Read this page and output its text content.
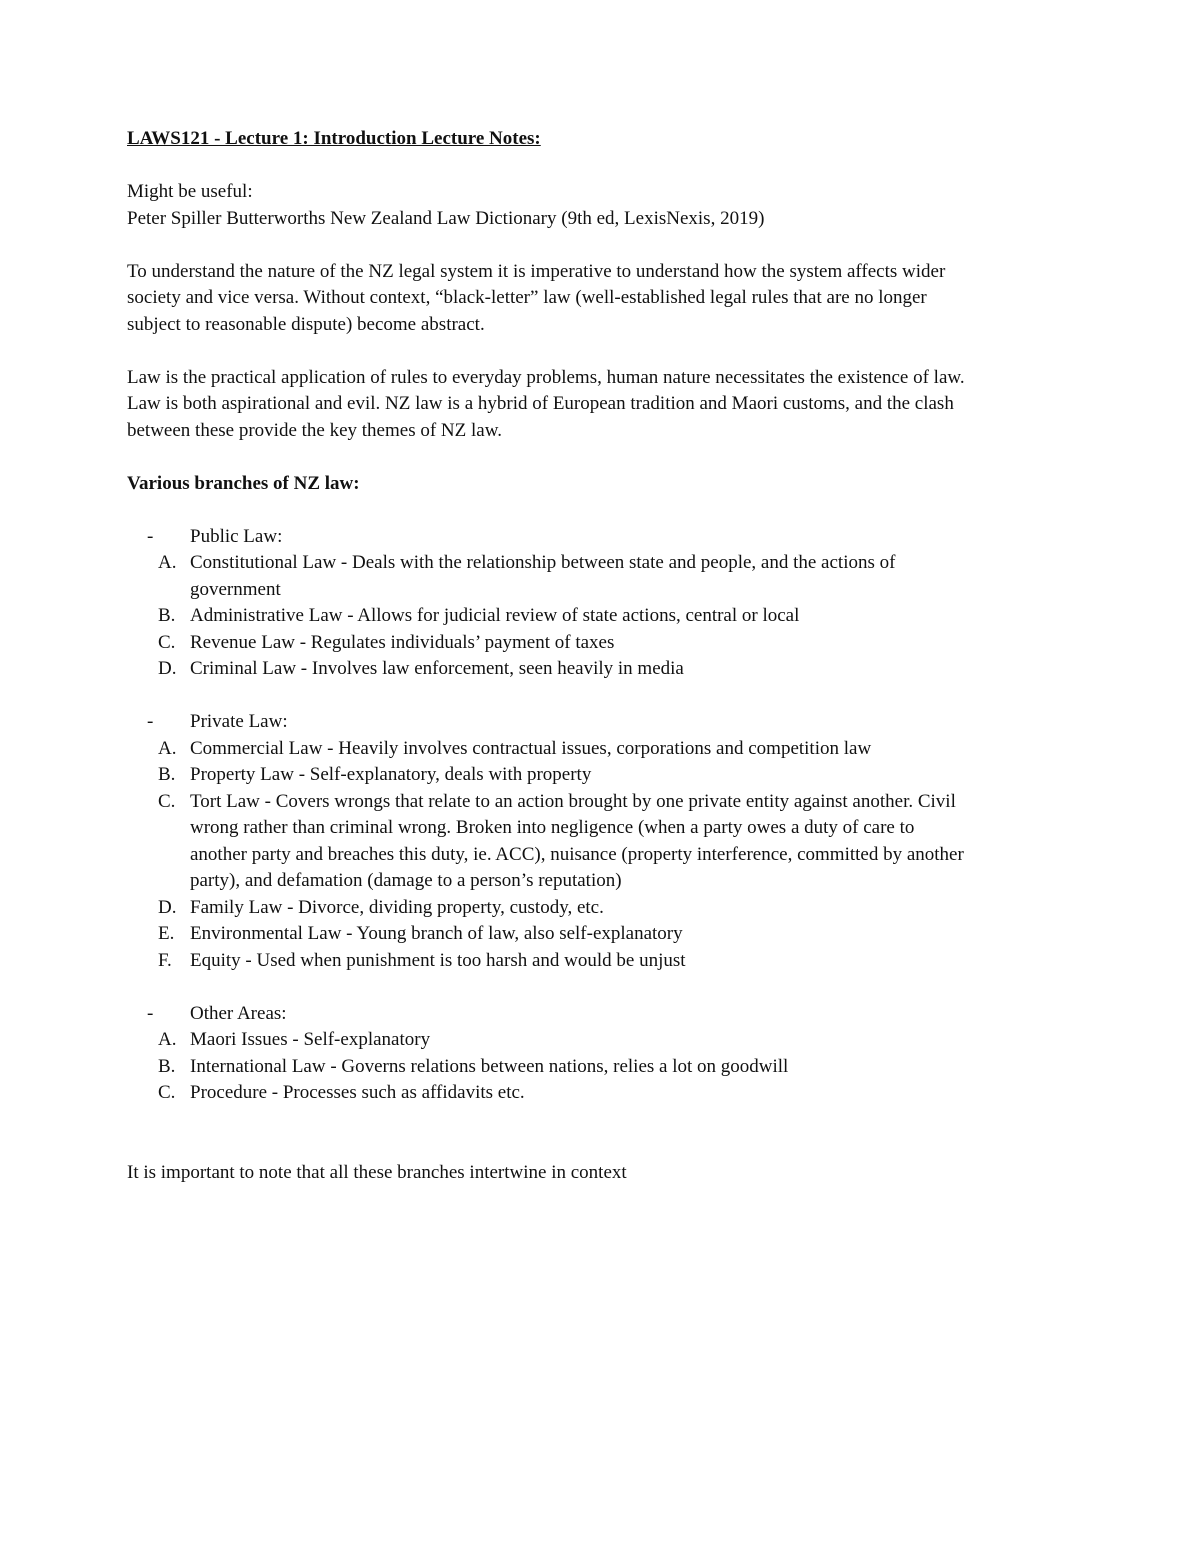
LAWS121 - Lecture 1: Introduction Lecture Notes:

Might be useful:

Peter Spiller Butterworths New Zealand Law Dictionary (9th ed, LexisNexis, 2019)

To understand the nature of the NZ legal system it is imperative to understand how the system affects wider society and vice versa. Without context, “black-letter” law (well-established legal rules that are no longer subject to reasonable dispute) become abstract.

Law is the practical application of rules to everyday problems, human nature necessitates the existence of law. Law is both aspirational and evil. NZ law is a hybrid of European tradition and Maori customs, and the clash between these provide the key themes of NZ law.

Various branches of NZ law:

-	Public Law:
A. Constitutional Law - Deals with the relationship between state and people, and the actions of government
B. Administrative Law - Allows for judicial review of state actions, central or local
C. Revenue Law - Regulates individuals’ payment of taxes
D. Criminal Law - Involves law enforcement, seen heavily in media
-	Private Law:
A. Commercial Law - Heavily involves contractual issues, corporations and competition law
B. Property Law - Self-explanatory, deals with property
C. Tort Law - Covers wrongs that relate to an action brought by one private entity against another. Civil wrong rather than criminal wrong. Broken into negligence (when a party owes a duty of care to another party and breaches this duty, ie. ACC), nuisance (property interference, committed by another party), and defamation (damage to a person’s reputation)
D. Family Law - Divorce, dividing property, custody, etc.
E. Environmental Law - Young branch of law, also self-explanatory
F. Equity - Used when punishment is too harsh and would be unjust
-	Other Areas:
A. Maori Issues - Self-explanatory
B. International Law - Governs relations between nations, relies a lot on goodwill
C. Procedure - Processes such as affidavits etc.

It is important to note that all these branches intertwine in context
